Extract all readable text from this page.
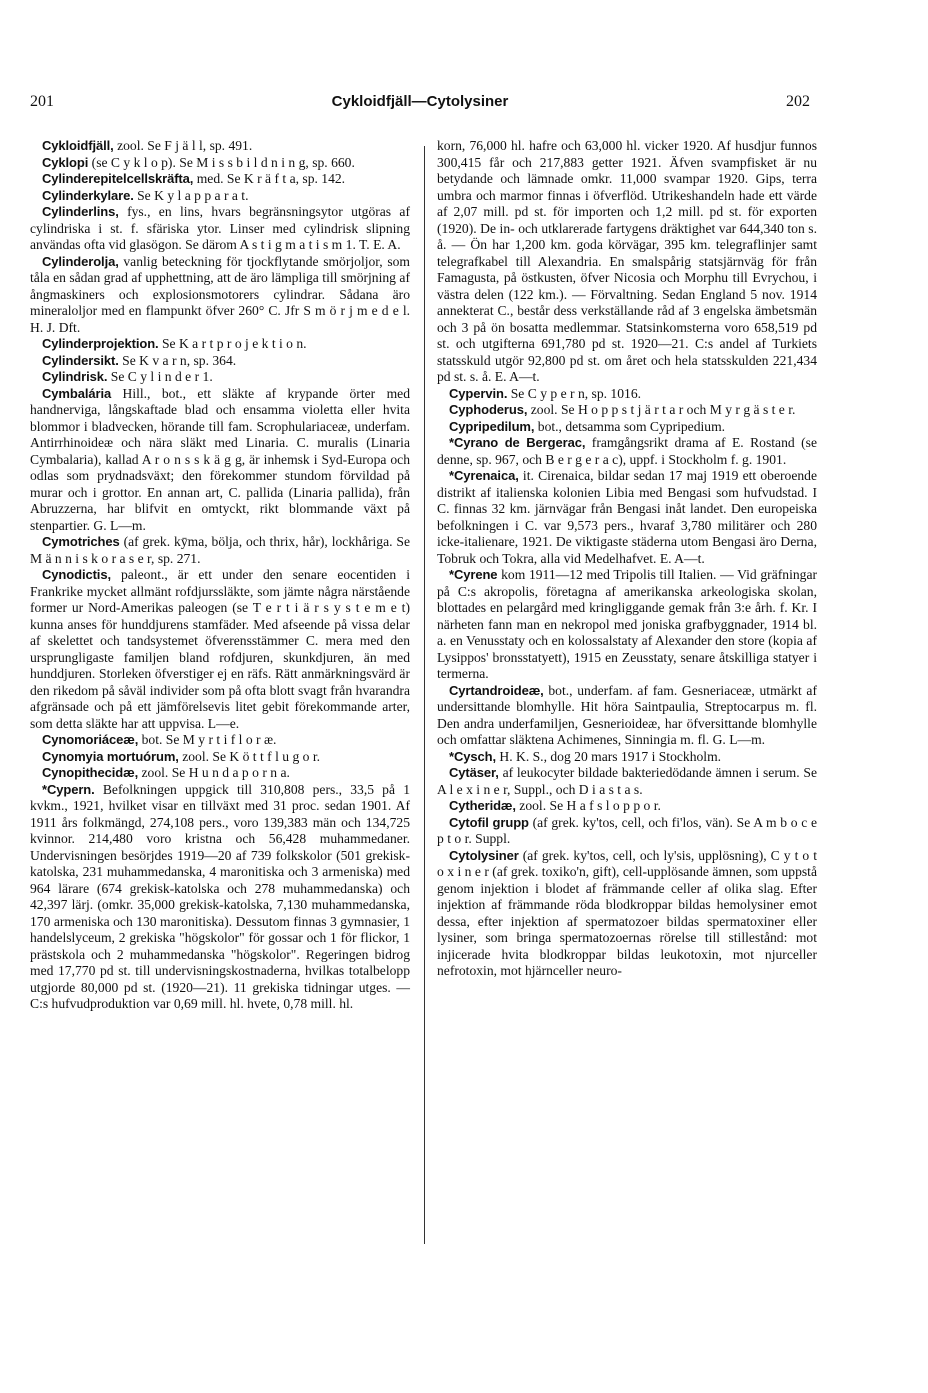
201	Cykloidfjäll—Cytolysiner	202

Cykloidfjäll, zool. Se F j ä l l, sp. 491.

Cyklopi (se C y k l o p). Se M i s s b i l d n i n g, sp. 660.

Cylinderepitelcellskräfta, med. Se K r ä f t a, sp. 142.

Cylinderkylare. Se K y l a p p a r a t.

Cylinderlins, fys., en lins, hvars begränsningsytor utgöras af cylindriska i st. f. sfäriska ytor. Linser med cylindrisk slipning användas ofta vid glasögon. Se därom A s t i g m a t i s m 1. T. E. A.

Cylinderolja, vanlig beteckning för tjockflytande smörjoljor, som tåla en sådan grad af upphettning, att de äro lämpliga till smörjning af ångmaskiners och explosionsmotorers cylindrar. Sådana äro mineraloljor med en flampunkt öfver 260° C. Jfr S m ö r j m e d e l. H. J. Dft.

Cylinderprojektion. Se K a r t p r o j e k t i o n.

Cylindersikt. Se K v a r n, sp. 364.

Cylindrisk. Se C y l i n d e r 1.

Cymbalária Hill., bot., ett släkte af krypande örter med handnerviga, långskaftade blad och ensamma violetta eller hvita blommor i bladvecken, hörande till fam. Scrophulariaceæ, underfam. Antirrhinoideæ och nära släkt med Linaria. C. muralis (Linaria Cymbalaria), kallad A r o n s s k ä g g, är inhemsk i Syd-Europa och odlas som prydnadsväxt; den förekommer stundom förvildad på murar och i grottor. En annan art, C. pallida (Linaria pallida), från Abruzzerna, har blifvit en omtyckt, rikt blommande växt på stenpartier. G. L—m.

Cymotriches (af grek. kȳma, bölja, och thrix, hår), lockhåriga. Se M ä n n i s k o r a s e r, sp. 271.

Cynodictis, paleont., är ett under den senare eocentiden i Frankrike mycket allmänt rofdjurssläkte, som jämte några närstående former ur Nord-Amerikas paleogen (se T e r t i ä r s y s t e m e t) kunna anses för hunddjurens stamfäder. Med afseende på vissa delar af skelettet och tandsystemet öfverensstämmer C. mera med den ursprungligaste familjen bland rofdjuren, skunkdjuren, än med hunddjuren. Storleken öfverstiger ej en räfs. Rätt anmärkningsvärd är den rikedom på såväl individer som på ofta blott svagt från hvarandra afgränsade och på ett jämförelsevis litet gebit förekommande arter, som detta släkte har att uppvisa. L—e.

Cynomoriáceæ, bot. Se M y r t i f l o r æ.

Cynomyia mortuórum, zool. Se K ö t t f l u g o r.

Cynopithecidæ, zool. Se H u n d a p o r n a.

*Cypern. Befolkningen uppgick till 310,808 pers., 33,5 på 1 kvkm., 1921, hvilket visar en tillväxt med 31 proc. sedan 1901. Af 1911 års folkmängd, 274,108 pers., voro 139,383 män och 134,725 kvinnor. 214,480 voro kristna och 56,428 muhammedaner. Undervisningen besörjdes 1919—20 af 739 folkskolor (501 grekisk-katolska, 231 muhammedanska, 4 maronitiska och 3 armeniska) med 964 lärare (674 grekisk-katolska och 278 muhammedanska) och 42,397 lärj. (omkr. 35,000 grekisk-katolska, 7,130 muhammedanska, 170 armeniska och 130 maronitiska). Dessutom finnas 3 gymnasier, 1 handelslyceum, 2 grekiska "högskolor" för gossar och 1 för flickor, 1 prästskola och 2 muhammedanska "högskolor". Regeringen bidrog med 17,770 pd st. till undervisningskostnaderna, hvilkas totalbelopp utgjorde 80,000 pd st. (1920—21). 11 grekiska tidningar utges. — C:s hufvudproduktion var 0,69 mill. hl. hvete, 0,78 mill. hl.

korn, 76,000 hl. hafre och 63,000 hl. vicker 1920. Af husdjur funnos 300,415 får och 217,883 getter 1921. Äfven svampfisket är nu betydande och lämnade omkr. 11,000 svampar 1920. Gips, terra umbra och marmor finnas i öfverflöd. Utrikeshandeln hade ett värde af 2,07 mill. pd st. för importen och 1,2 mill. pd st. för exporten (1920). De in- och utklarerade fartygens dräktighet var 644,340 ton s. å. — Ön har 1,200 km. goda körvägar, 395 km. telegraflinjer samt telegrafkabel till Alexandria. En smalspårig statsjärnväg för från Famagusta, på östkusten, öfver Nicosia och Morphu till Evrychou, i västra delen (122 km.). — Förvaltning. Sedan England 5 nov. 1914 annekterat C., består dess verkställande råd af 3 engelska ämbetsmän och 3 på ön bosatta medlemmar. Statsinkomsterna voro 658,519 pd st. och utgifterna 691,780 pd st. 1920—21. C:s andel af Turkiets statsskuld utgör 92,800 pd st. om året och hela statsskulden 221,434 pd st. s. å. E. A—t.

Cypervin. Se C y p e r n, sp. 1016.

Cyphoderus, zool. Se H o p p s t j ä r t a r och M y r g ä s t e r.

Cypripedilum, bot., detsamma som Cypripedium.

*Cyrano de Bergerac, framgångsrikt drama af E. Rostand (se denne, sp. 967, och B e r g e r a c), uppf. i Stockholm f. g. 1901.

*Cyrenaica, it. Cirenaica, bildar sedan 17 maj 1919 ett oberoende distrikt af italienska kolonien Libia med Bengasi som hufvudstad. I C. finnas 32 km. järnvägar från Bengasi inåt landet. Den europeiska befolkningen i C. var 9,573 pers., hvaraf 3,780 militärer och 280 icke-italienare, 1921. De viktigaste städerna utom Bengasi äro Derna, Tobruk och Tokra, alla vid Medelhafvet. E. A—t.

*Cyrene kom 1911—12 med Tripolis till Italien. — Vid gräfningar på C:s akropolis, företagna af amerikanska arkeologiska skolan, blottades en pelargård med kringliggande gemak från 3:e årh. f. Kr. I närheten fann man en nekropol med joniska grafbyggnader, 1914 bl. a. en Venusstaty och en kolossalstaty af Alexander den store (kopia af Lysippos' bronsstatyett), 1915 en Zeusstaty, senare åtskilliga statyer i termerna.

Cyrtandroideæ, bot., underfam. af fam. Gesneriaceæ, utmärkt af undersittande blomhylle. Hit höra Saintpaulia, Streptocarpus m. fl. Den andra underfamiljen, Gesnerioideæ, har öfversittande blomhylle och omfattar släktena Achimenes, Sinningia m. fl. G. L—m.

*Cysch, H. K. S., dog 20 mars 1917 i Stockholm.

Cytäser, af leukocyter bildade bakteriedödande ämnen i serum. Se A l e x i n e r, Suppl., och D i a s t a s.

Cytheridæ, zool. Se H a f s l o p p o r.

Cytofil grupp (af grek. ky'tos, cell, och fi'los, vän). Se A m b o c e p t o r. Suppl.

Cytolysiner (af grek. ky'tos, cell, och ly'sis, upplösning), C y t o t o x i n e r (af grek. toxiko'n, gift), cell-upplösande ämnen, som uppstå genom injektion i blodet af främmande celler af olika slag. Efter injektion af främmande röda blodkroppar bildas hemolysiner emot dessa, efter injektion af spermatozoer bildas spermatoxiner eller lysiner, som bringa spermatozoernas rörelse till stillestånd: mot injicerade hvita blodkroppar bildas leukotoxin, mot njurceller nefrotoxin, mot hjärnceller neuro-
